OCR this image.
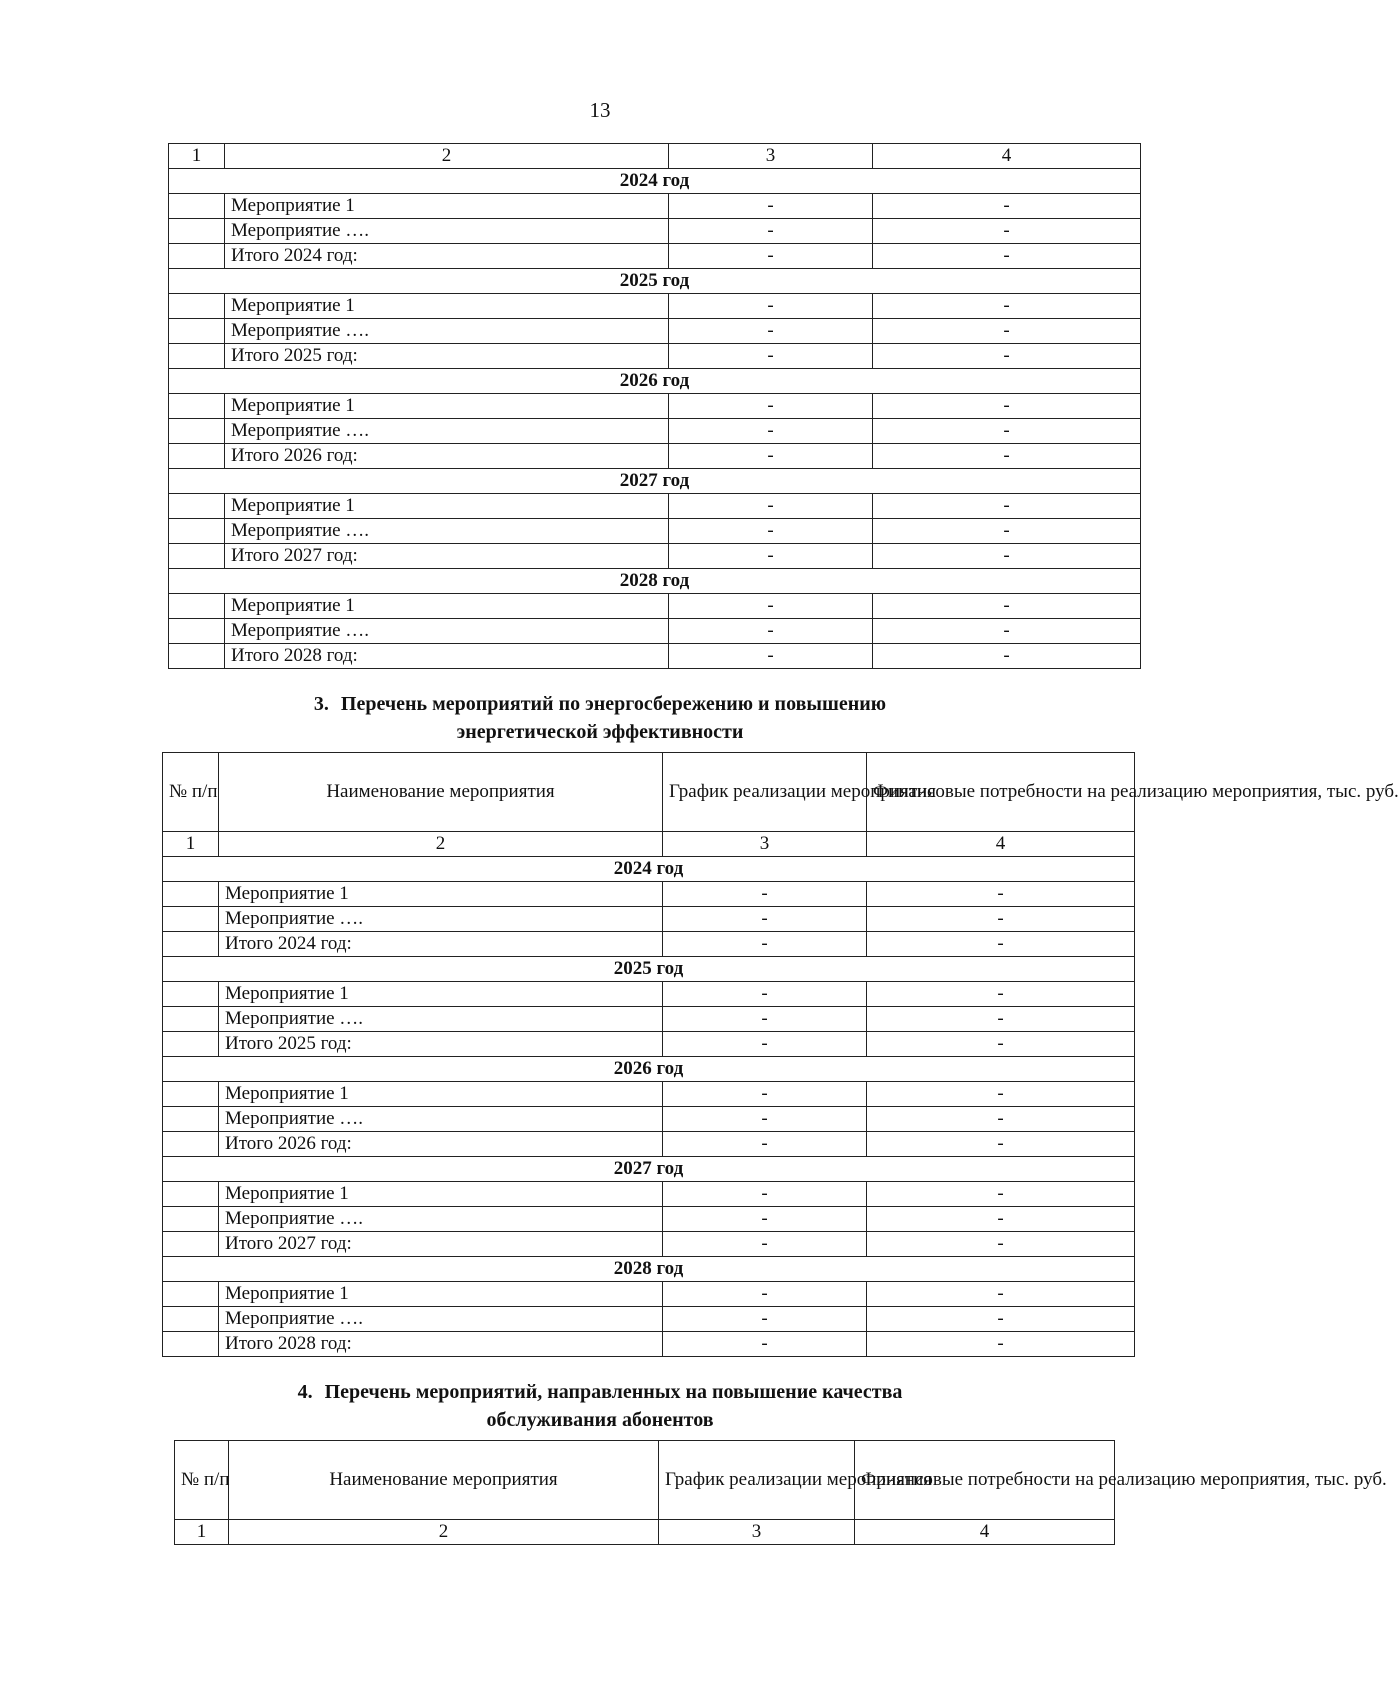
13
1	2	3	4
2024 год			
	Мероприятие 1	-	-
	Мероприятие ….	-	-
	Итого 2024 год:	-	-
2025 год			
	Мероприятие 1	-	-
	Мероприятие ….	-	-
	Итого 2025 год:	-	-
2026 год			
	Мероприятие 1	-	-
	Мероприятие ….	-	-
	Итого 2026 год:	-	-
2027 год			
	Мероприятие 1	-	-
	Мероприятие ….	-	-
	Итого 2027 год:	-	-
2028 год			
	Мероприятие 1	-	-
	Мероприятие ….	-	-
	Итого 2028 год:	-	-
3. Перечень мероприятий по энергосбережению и повышению
энергетической эффективности
№ п/п	Наименование мероприятия	График реализации мероприятия	Финансовые потребности на реализацию мероприятия, тыс. руб.
1	2	3	4
2024 год			
	Мероприятие 1	-	-
	Мероприятие ….	-	-
	Итого 2024 год:	-	-
2025 год			
	Мероприятие 1	-	-
	Мероприятие ….	-	-
	Итого 2025 год:	-	-
2026 год			
	Мероприятие 1	-	-
	Мероприятие ….	-	-
	Итого 2026 год:	-	-
2027 год			
	Мероприятие 1	-	-
	Мероприятие ….	-	-
	Итого 2027 год:	-	-
2028 год			
	Мероприятие 1	-	-
	Мероприятие ….	-	-
	Итого 2028 год:	-	-
4. Перечень мероприятий, направленных на повышение качества
обслуживания абонентов
№ п/п	Наименование мероприятия	График реализации мероприятия	Финансовые потребности на реализацию мероприятия, тыс. руб.
1	2	3	4
